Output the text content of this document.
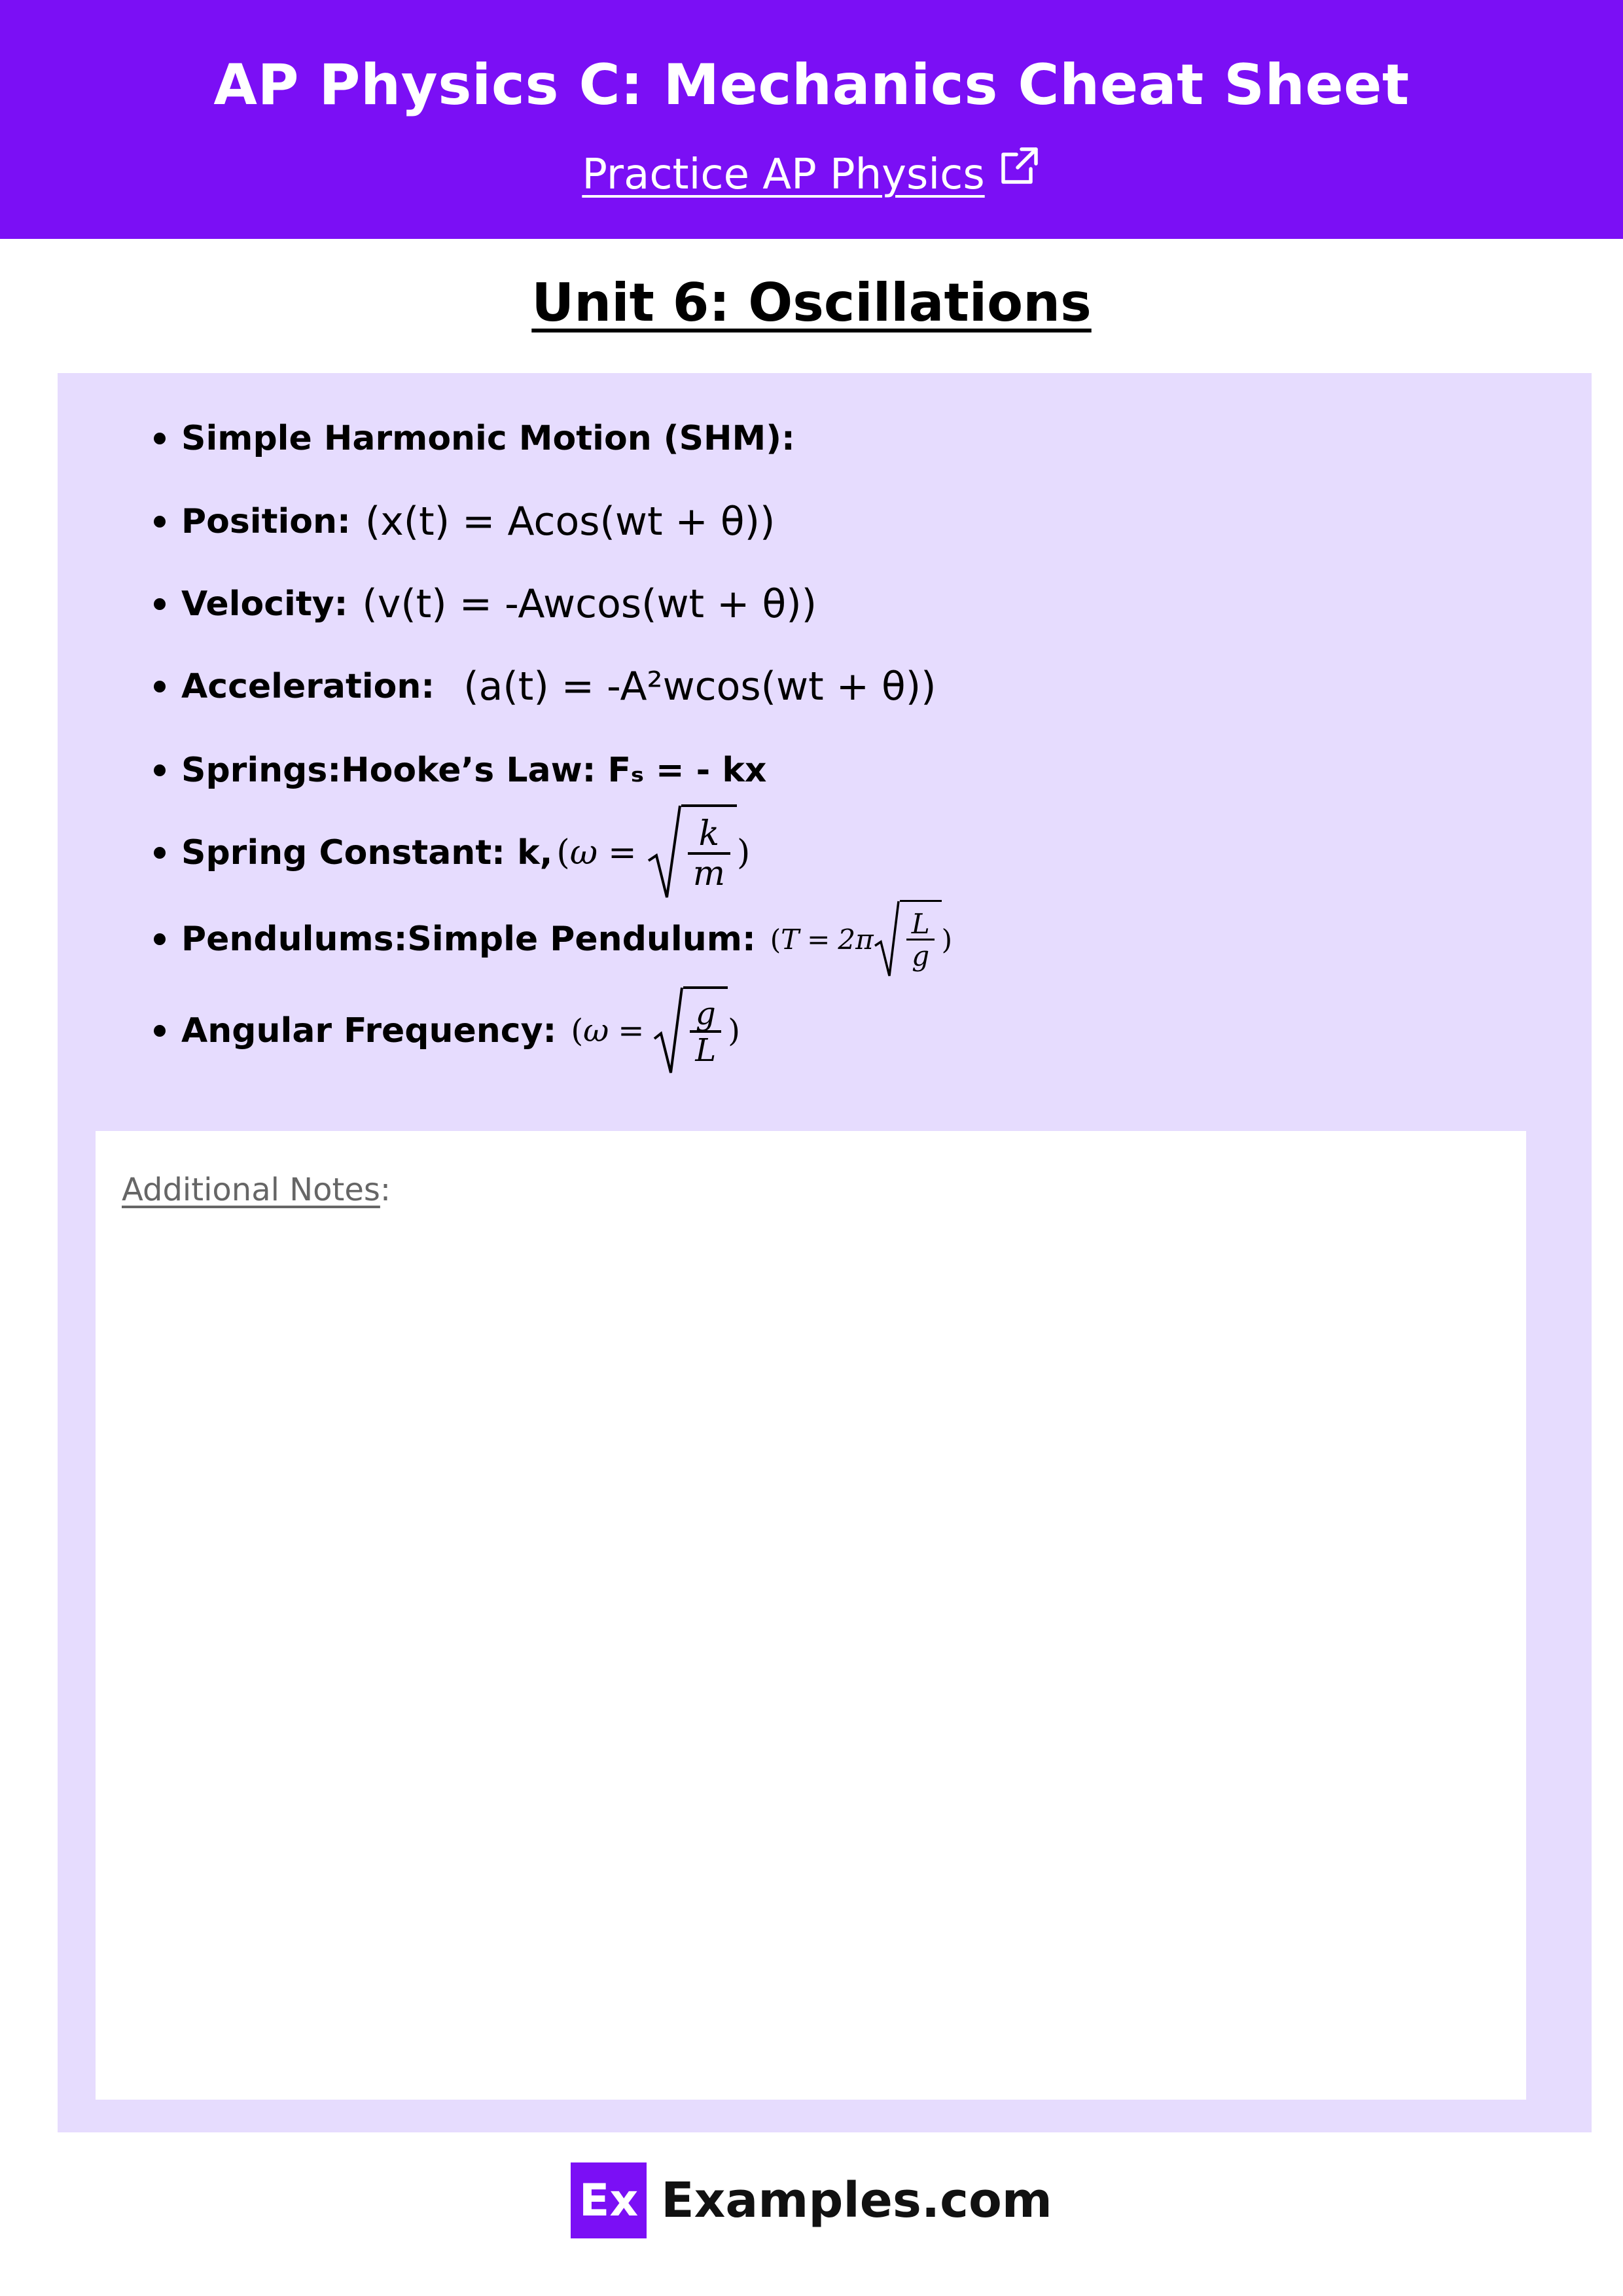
AP Physics C: Mechanics Cheat Sheet
Practice AP Physics
Unit 6: Oscillations
Simple Harmonic Motion (SHM):
Position: (x(t) = Acos(wt + θ))
Velocity: (v(t) = -Awcos(wt + θ))
Acceleration: (a(t) = -A²wcos(wt + θ))
Springs:Hooke’s Law: Fₛ = - kx
Spring Constant: k, ( $\omega = \frac{k}{m}$ )
Pendulums:Simple Pendulum: ( $T = 2\pi \frac{L}{g}$ )
Angular Frequency: ( $\omega = \frac{g}{L}$ )
Additional Notes:
Ex Examples.com
